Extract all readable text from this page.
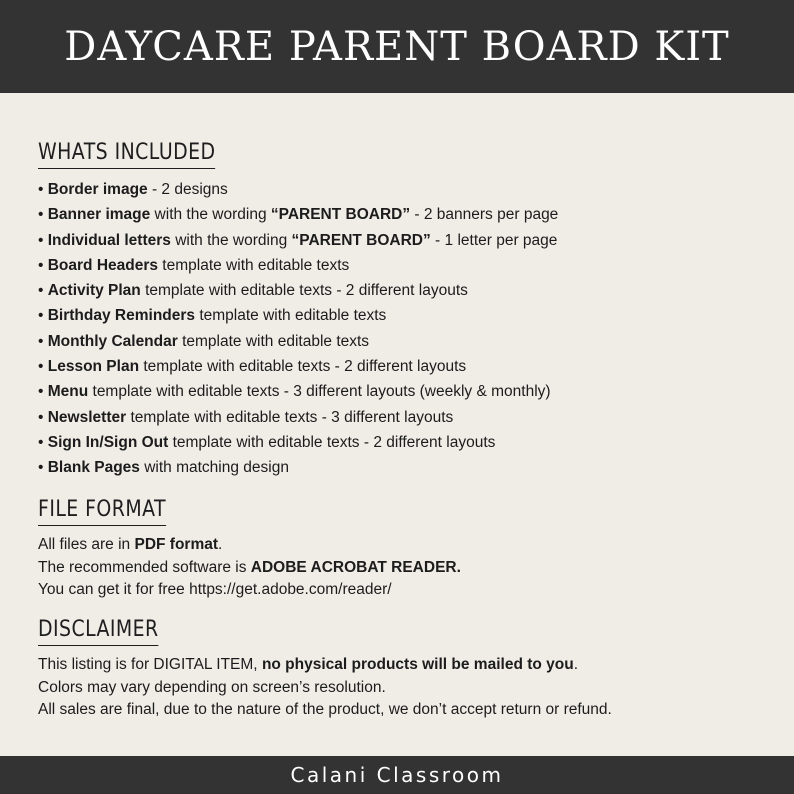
DAYCARE PARENT BOARD KIT
WHATS INCLUDED
• Border image - 2 designs
• Banner image with the wording “PARENT BOARD” - 2 banners per page
• Individual letters with the wording “PARENT BOARD” - 1 letter per page
• Board Headers template with editable texts
• Activity Plan template with editable texts - 2 different layouts
• Birthday Reminders template with editable texts
• Monthly Calendar template with editable texts
• Lesson Plan template with editable texts - 2 different layouts
• Menu template with editable texts - 3 different layouts (weekly & monthly)
• Newsletter template with editable texts - 3 different layouts
• Sign In/Sign Out template with editable texts - 2 different layouts
• Blank Pages with matching design
FILE FORMAT
All files are in PDF format.
The recommended software is ADOBE ACROBAT READER.
You can get it for free https://get.adobe.com/reader/
DISCLAIMER
This listing is for DIGITAL ITEM, no physical products will be mailed to you.
Colors may vary depending on screen’s resolution.
All sales are final, due to the nature of the product, we don’t accept return or refund.
Calani Classroom
